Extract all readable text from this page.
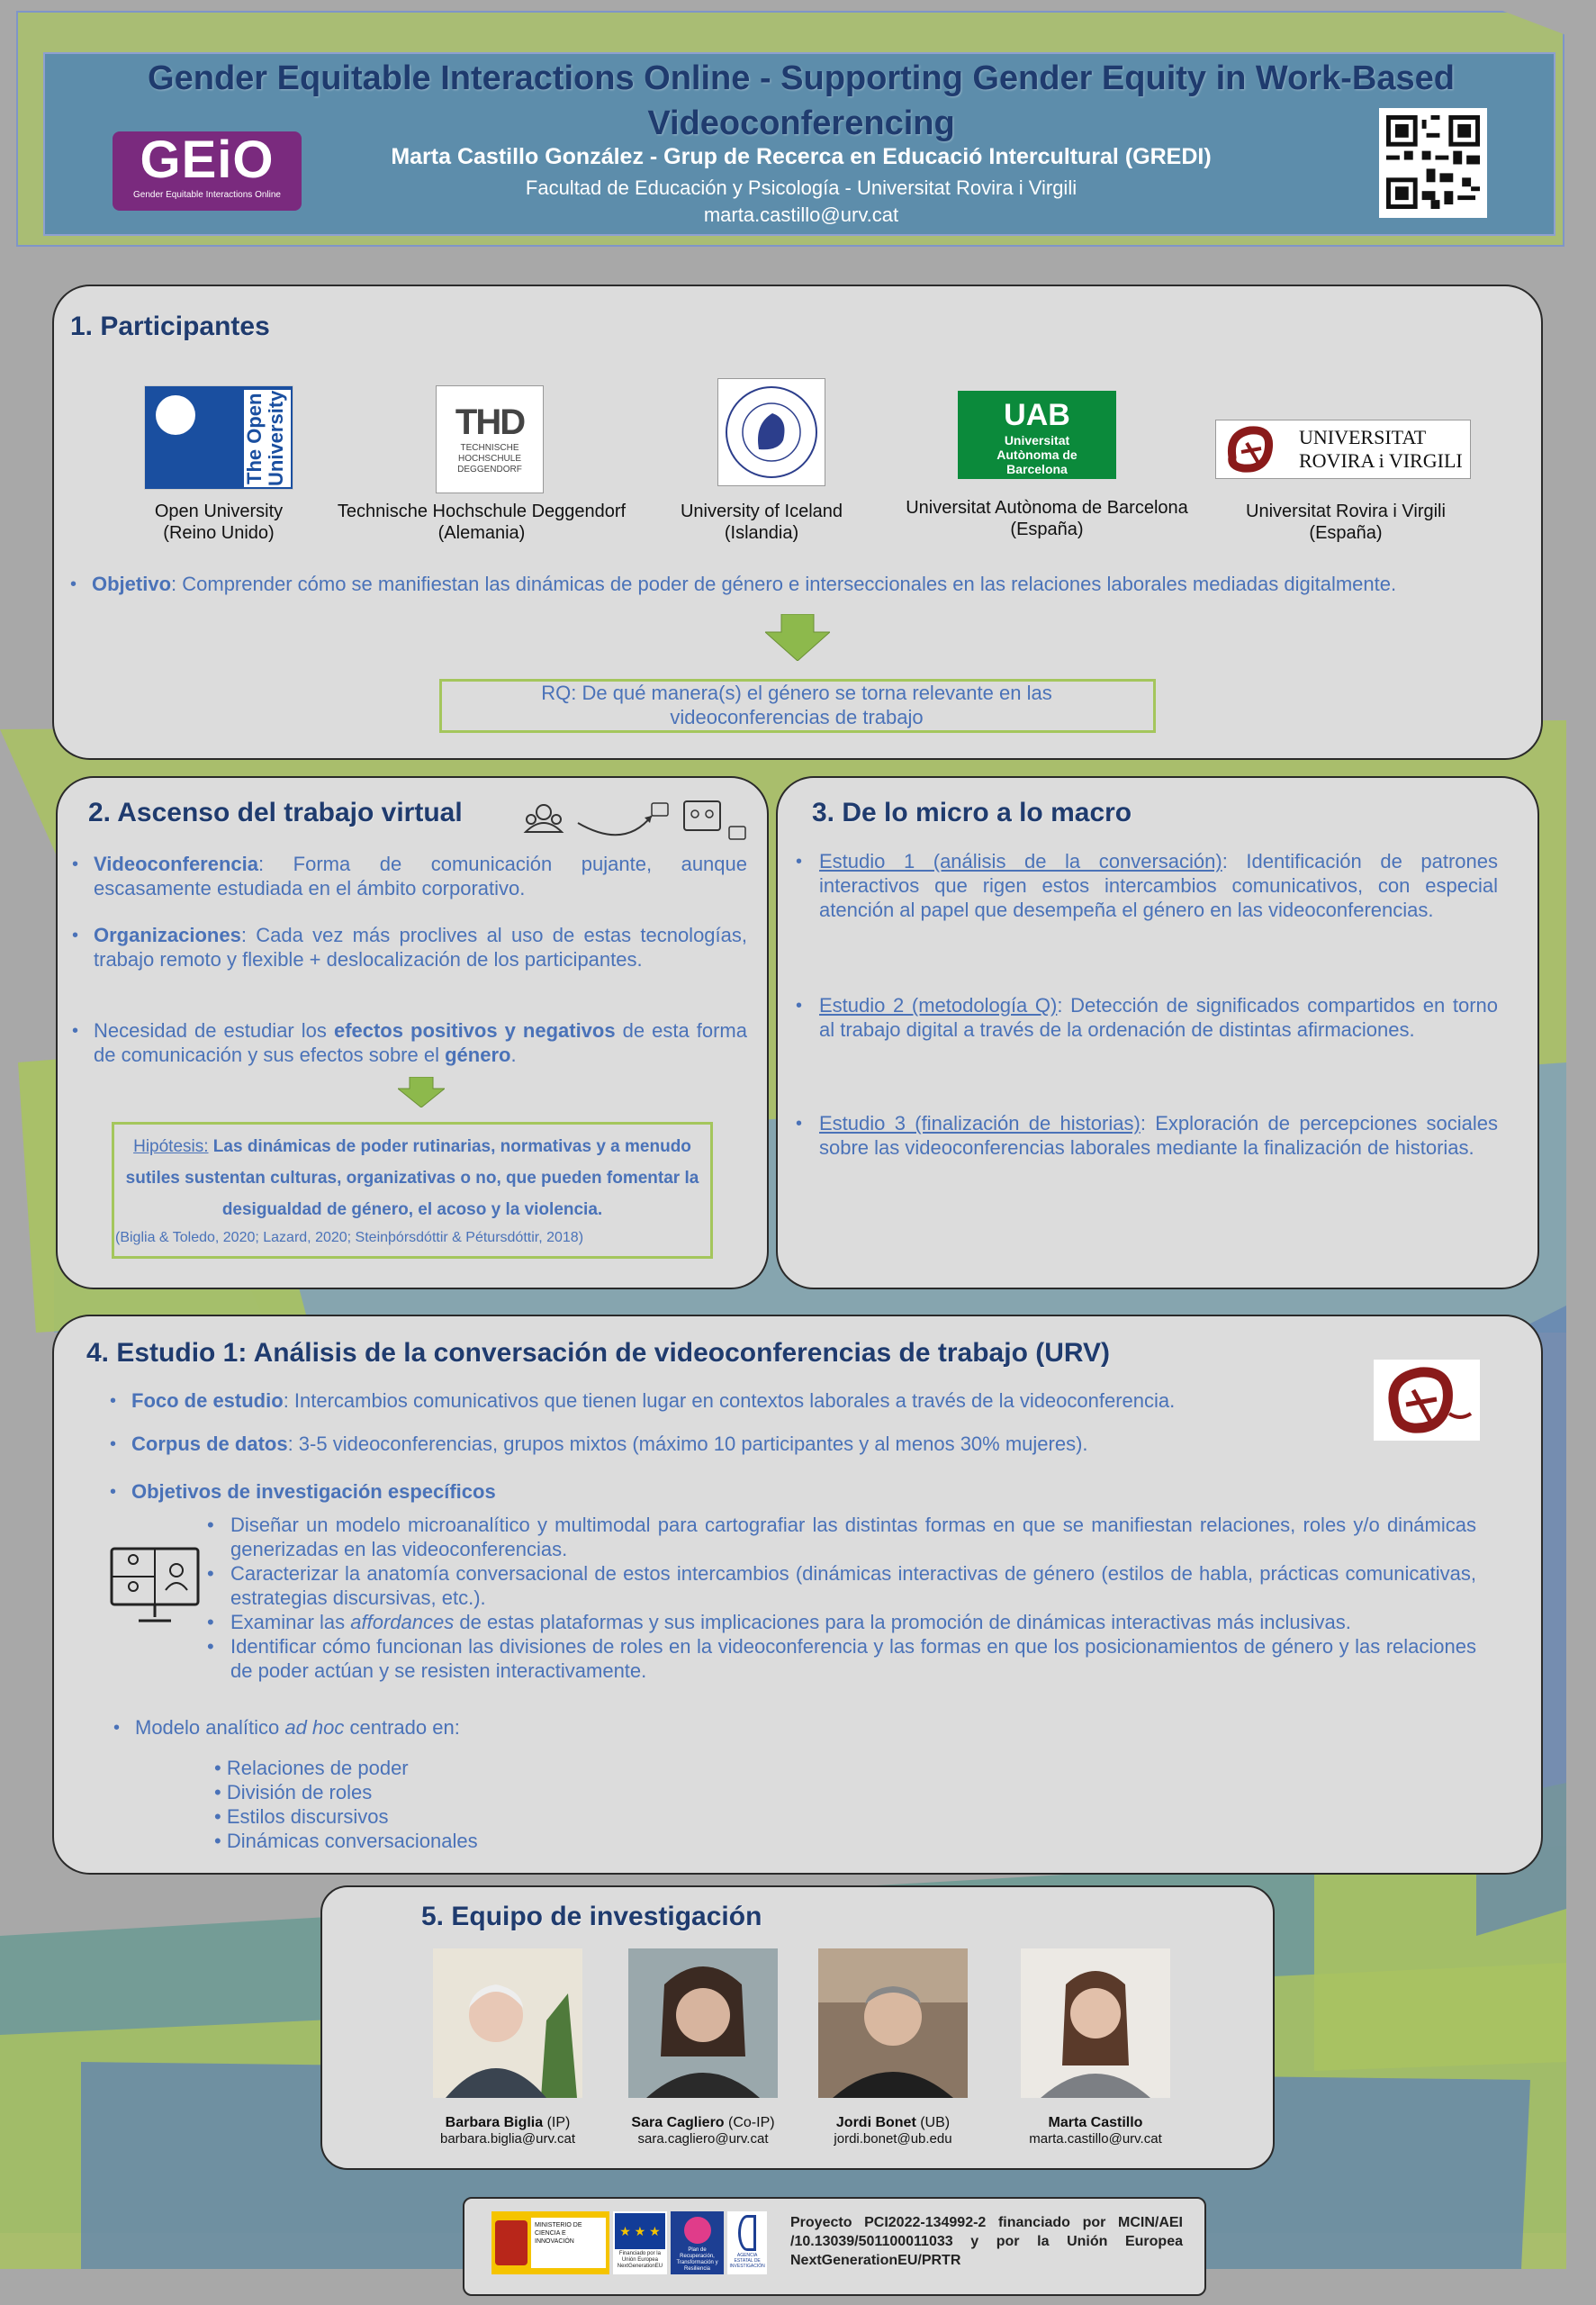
Gender Equitable Interactions Online - Supporting Gender Equity in Work-Based
Videoconferencing
Marta Castillo González - Grup de Recerca en Educació Intercultural (GREDI)
Facultad de Educación y Psicología - Universitat Rovira i Virgili
marta.castillo@urv.cat
GEiO
Gender Equitable Interactions Online
1. Participantes
The Open University	THD
TECHNISCHE HOCHSCHULE DEGGENDORF
UAB
Universitat Autònoma de Barcelona
UNIVERSITAT ROVIRA i VIRGILI
Open University
(Reino Unido)
Technische Hochschule Deggendorf
(Alemania)
University of Iceland
(Islandia)
Universitat Autònoma de Barcelona
(España)
Universitat Rovira i Virgili
(España)
• Objetivo: Comprender cómo se manifiestan las dinámicas de poder de género e interseccionales en las relaciones laborales mediadas digitalmente.
RQ: De qué manera(s) el género se torna relevante en las videoconferencias de trabajo
2. Ascenso del trabajo virtual
• Videoconferencia: Forma de comunicación pujante, aunque escasamente estudiada en el ámbito corporativo.
• Organizaciones: Cada vez más proclives al uso de estas tecnologías, trabajo remoto y flexible + deslocalización de los participantes.
• Necesidad de estudiar los efectos positivos y negativos de esta forma de comunicación y sus efectos sobre el género.
Hipótesis: Las dinámicas de poder rutinarias, normativas y a menudo sutiles sustentan culturas, organizativas o no, que pueden fomentar la desigualdad de género, el acoso y la violencia.
(Biglia & Toledo, 2020; Lazard, 2020; Steinþórsdóttir & Pétursdóttir, 2018)
3. De lo micro a lo macro
• Estudio 1 (análisis de la conversación): Identificación de patrones interactivos que rigen estos intercambios comunicativos, con especial atención al papel que desempeña el género en las videoconferencias.
• Estudio 2 (metodología Q): Detección de significados compartidos en torno al trabajo digital a través de la ordenación de distintas afirmaciones.
• Estudio 3 (finalización de historias): Exploración de percepciones sociales sobre las videoconferencias laborales mediante la finalización de historias.
4. Estudio 1: Análisis de la conversación de videoconferencias de trabajo (URV)
• Foco de estudio: Intercambios comunicativos que tienen lugar en contextos laborales a través de la videoconferencia.
• Corpus de datos: 3-5 videoconferencias, grupos mixtos (máximo 10 participantes y al menos 30% mujeres).
• Objetivos de investigación específicos
• Diseñar un modelo microanalítico y multimodal para cartografiar las distintas formas en que se manifiestan relaciones, roles y/o dinámicas generizadas en las videoconferencias.
• Caracterizar la anatomía conversacional de estos intercambios (dinámicas interactivas de género (estilos de habla, prácticas comunicativas, estrategias discursivas, etc.).
• Examinar las affordances de estas plataformas y sus implicaciones para la promoción de dinámicas interactivas más inclusivas.
• Identificar cómo funcionan las divisiones de roles en la videoconferencia y las formas en que los posicionamientos de género y las relaciones de poder actúan y se resisten interactivamente.
• Modelo analítico ad hoc centrado en:
• Relaciones de poder
• División de roles
• Estilos discursivos
• Dinámicas conversacionales
5. Equipo de investigación
Barbara Biglia (IP)
barbara.biglia@urv.cat
Sara Cagliero (Co-IP)
sara.cagliero@urv.cat
Jordi Bonet (UB)
jordi.bonet@ub.edu
Marta Castillo
marta.castillo@urv.cat
MINISTERIO DE CIENCIA E INNOVACIÓN
★ ★ ★
Financiado por la Unión Europea NextGenerationEU
Plan de Recuperación, Transformación y Resiliencia
AGENCIA ESTATAL DE INVESTIGACIÓN
Proyecto PCI2022-134992-2 financiado por MCIN/AEI /10.13039/501100011033 y por la Unión Europea NextGenerationEU/PRTR
